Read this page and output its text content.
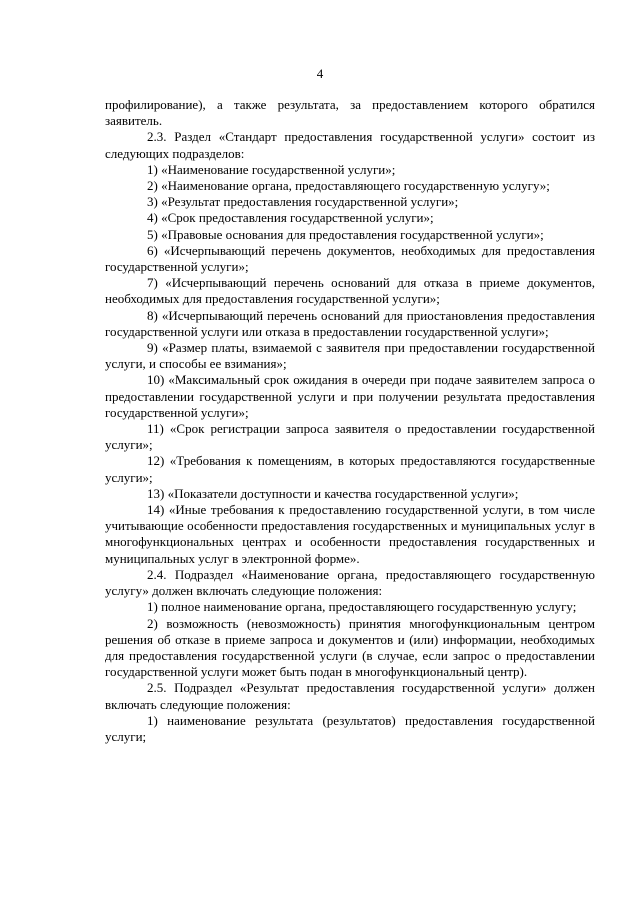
4

профилирование), а также результата, за предоставлением которого обратился заявитель.

2.3. Раздел «Стандарт предоставления государственной услуги» состоит из следующих подразделов:

1) «Наименование государственной услуги»;

2) «Наименование органа, предоставляющего государственную услугу»;

3) «Результат предоставления государственной услуги»;

4) «Срок предоставления государственной услуги»;

5) «Правовые основания для предоставления государственной услуги»;

6) «Исчерпывающий перечень документов, необходимых для предоставления государственной услуги»;

7) «Исчерпывающий перечень оснований для отказа в приеме документов, необходимых для предоставления государственной услуги»;

8) «Исчерпывающий перечень оснований для приостановления предоставления государственной услуги или отказа в предоставлении государственной услуги»;

9) «Размер платы, взимаемой с заявителя при предоставлении государственной услуги, и способы ее взимания»;

10) «Максимальный срок ожидания в очереди при подаче заявителем запроса о предоставлении государственной услуги и при получении результата предоставления государственной услуги»;

11) «Срок регистрации запроса заявителя о предоставлении государственной услуги»;

12) «Требования к помещениям, в которых предоставляются государственные услуги»;

13) «Показатели доступности и качества государственной услуги»;

14) «Иные требования к предоставлению государственной услуги, в том числе учитывающие особенности предоставления государственных и муниципальных услуг в многофункциональных центрах и особенности предоставления государственных и муниципальных услуг в электронной форме».

2.4. Подраздел «Наименование органа, предоставляющего государственную услугу» должен включать следующие положения:

1) полное наименование органа, предоставляющего государственную услугу;

2) возможность (невозможность) принятия многофункциональным центром решения об отказе в приеме запроса и документов и (или) информации, необходимых для предоставления государственной услуги (в случае, если запрос о предоставлении государственной услуги может быть подан в многофункциональный центр).

2.5. Подраздел «Результат предоставления государственной услуги» должен включать следующие положения:

1) наименование результата (результатов) предоставления государственной услуги;
